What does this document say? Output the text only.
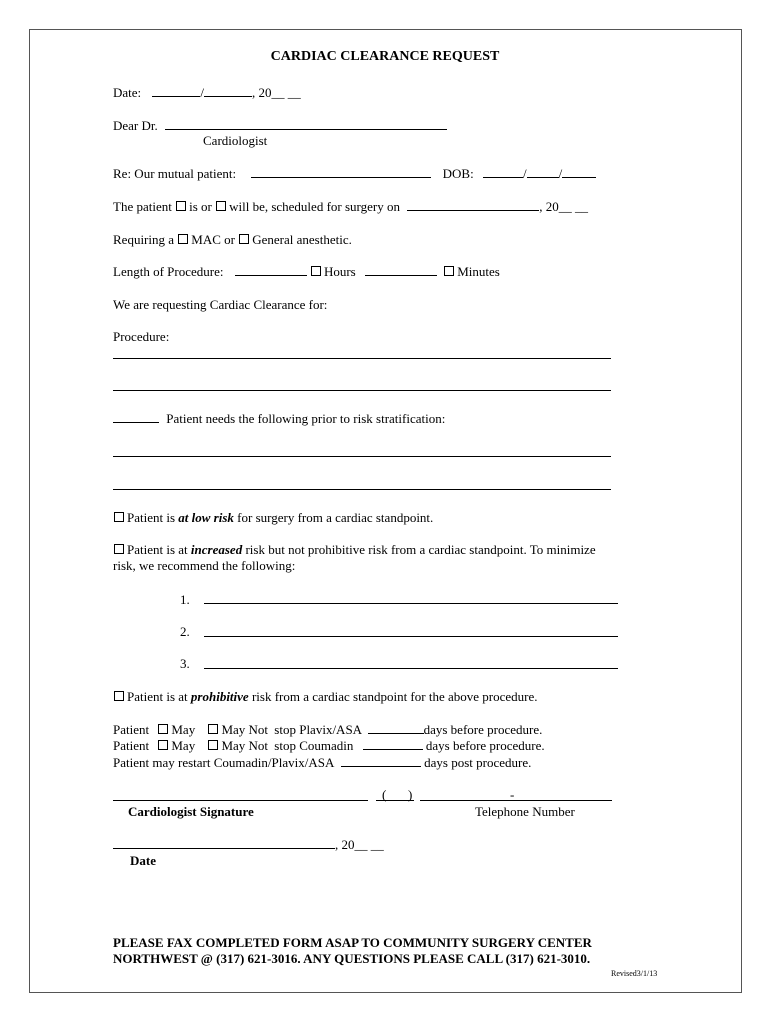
CARDIAC CLEARANCE REQUEST
Date:	/	, 20__ __
Dear Dr.
Cardiologist
Re: Our mutual patient:	DOB:	/ /
The patient is or will be, scheduled for surgery on	, 20__ __
Requiring a MAC or General anesthetic.
Length of Procedure:	Hours	Minutes
We are requesting Cardiac Clearance for:
Procedure:
Patient needs the following prior to risk stratification:
Patient is at low risk for surgery from a cardiac standpoint.
Patient is at increased risk but not prohibitive risk from a cardiac standpoint. To minimize
risk, we recommend the following:
1.
2.
3.
Patient is at prohibitive risk from a cardiac standpoint for the above procedure.
Patient May May Not stop Plavix/ASA	days before procedure.
Patient May May Not stop Coumadin	days before procedure.
Patient may restart Coumadin/Plavix/ASA	days post procedure.
( )	-
Cardiologist Signature	Telephone Number
, 20__ __
Date
PLEASE FAX COMPLETED FORM ASAP TO COMMUNITY SURGERY CENTER
NORTHWEST @ (317) 621-3016. ANY QUESTIONS PLEASE CALL (317) 621-3010.
Revised3/1/13
